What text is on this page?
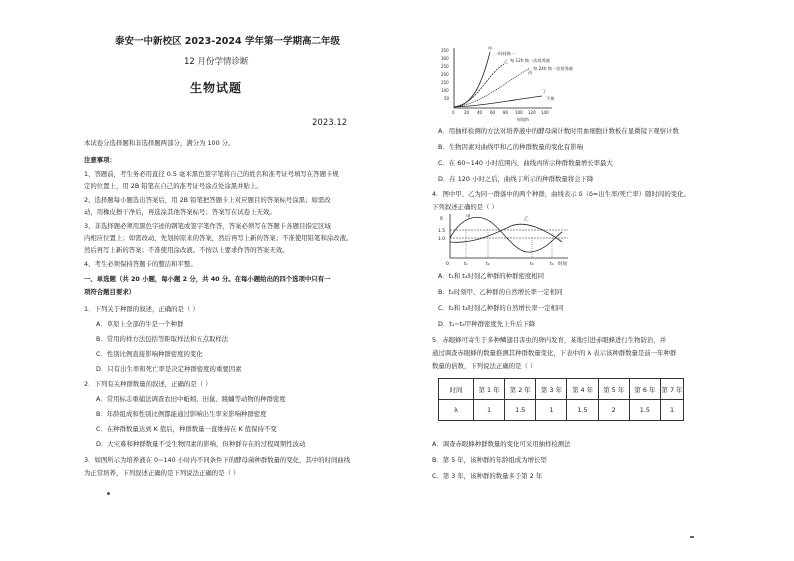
泰安一中新校区 2023-2024 学年第一学期高二年级
12 月份学情诊断
生物试题
2023.12
本试卷分选择题和非选择题两部分，满分为 100 分。
注意事项：
1、答题前，考生务必用直径 0.5 毫米黑色签字笔将自己的姓名和准考证号填写在答题卡规
定的位置上，用 2B 铅笔在自己的准考证号涂点处涂黑并贴上。
2、选择题每小题选出答案后，用 2B 铅笔把答题卡上对应题目的答案标号涂黑；如需改
动，用橡皮擦干净后，再选涂其他答案标号；答案写在试卷上无效。
3、非选择题必须用黑色字迹的钢笔或签字笔作答，答案必须写在答题卡各题目指定区域
内相应位置上；如需改动，先划掉原来的答案，然后再写上新的答案；不准使用铅笔和涂改液。
然后再写上新的答案；不准使用涂改液。不按以上要求作答的答案无效。
4、考生必须保持答题卡的整洁和平整。
一、单选题（共 20 小题，每小题 2 分，共 40 分。在每小题给出的四个选项中只有一
项符合题目要求）
1．下列关于种群的叙述，正确的是（ ）
A．草原上全部的牛是一个种群
B．常用的样方法包括等距取样法和五点取样法
C．性别比例直接影响种群密度的变化
D．只有出生率和死亡率是决定种群密度的重要因素
2．下列有关种群数量的叙述，正确的是（ ）
A．常用标志重捕法调查农田中蚯蚓、田鼠、跳蝻等动物的种群密度
B．年龄组成和性别比例都能通过影响出生率来影响种群密度
C．在种群数量达到 K 值后，种群数量一直维持在 K 值保持不变
D．大灾难和种群数量不受生物因素的影响，但种群存在的过程周期性波动
3．如图所示为培养液在 0~140 小时内不同条件下的酵母菌种群数量的变化，其中的时间曲线
为正常培养，下列叙述正确的是下列说法正确的是（ ）
350
300
250
200
150
100
50
0 20 40 60 80 100 120 140
时间/h
甲
一时间换一
乙 每 12h 换一次培养液
丙
每 24h 换一次培养液
丁
不换
A．用抽样检测的方法对培养液中的酵母菌计数时用血细胞计数板在显微镜下观察计数
B．生物因素对曲线甲和乙的种群数量的变化有影响
C．在 60~140 小时范围内，曲线丙所示种群数量增长率最大
D．在 120 小时之后，曲线丁所示的种群数量将会下降
4．图中甲、乙为同一群落中的两个种群，曲线表示 δ（δ=出生率/死亡率）随时间的变化。
下列叙述正确的是（ ）
甲	乙
δ
1.5
1.0
0	t₁	t₂	t₃	t₄ 时间
A．t₁和 t₄时刻乙种群的种群密度相同
B．t₂时刻甲、乙种群的自然增长率一定相同
C．t₂和 t₃时刻乙种群的自然增长率一定相同
D．t₁~t₄甲种群密度先上升后下降
5．赤眼蜂可寄生于多种鳞翅目害虫的卵内发育，某地引进赤眼蜂进行生物防治，并
通过调查赤眼蜂的数量推测其种群数量变化，下表中的 λ 表示该种群数量是前一年种群
数量的倍数，下列说法正确的是（ ）
时间	第 1 年	第 2 年	第 3 年	第 4 年	第 5 年	第 6 年	第 7 年
λ	1	1.5	1	1.5	2	1.5	1
A．调查赤眼蜂种群数量的变化可采用抽样检测法
B．第 5 年，该种群的年龄组成为增长型
C．第 3 年，该种群的数量多于第 2 年
